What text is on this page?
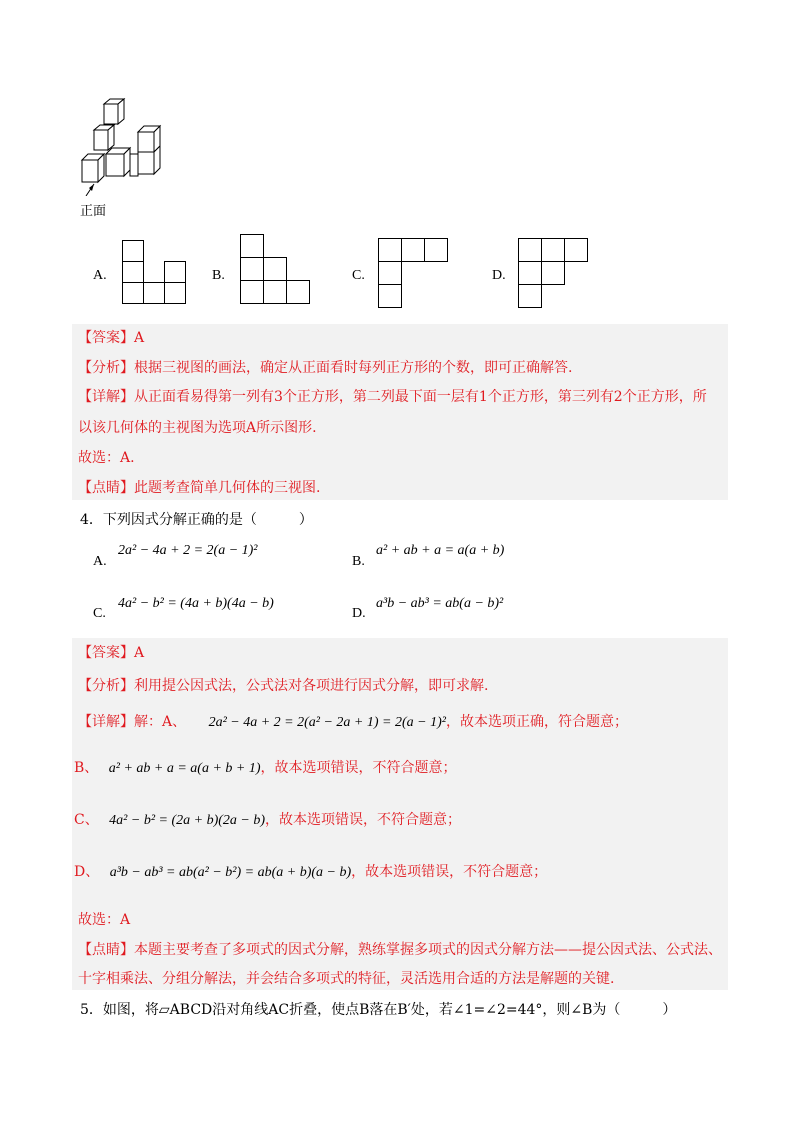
正面
A.	B.	C.	D.
【答案】A
【分析】根据三视图的画法，确定从正面看时每列正方形的个数，即可正确解答.
【详解】从正面看易得第一列有3个正方形，第二列最下面一层有1个正方形，第三列有2个正方形，所
以该几何体的主视图为选项A所示图形.
故选：A.
【点睛】此题考查简单几何体的三视图.
4．下列因式分解正确的是（　　　）
A.
2a² − 4a + 2 = 2(a − 1)²
B.
a² + ab + a = a(a + b)
C.
4a² − b² = (4a + b)(4a − b)
D.
a³b − ab³ = ab(a − b)²
【答案】A
【分析】利用提公因式法，公式法对各项进行因式分解，即可求解.
【详解】解：A、 2a² − 4a + 2 = 2(a² − 2a + 1) = 2(a − 1)²，故本选项正确，符合题意；
B、 a² + ab + a = a(a + b + 1)，故本选项错误，不符合题意；
C、 4a² − b² = (2a + b)(2a − b)，故本选项错误，不符合题意；
D、 a³b − ab³ = ab(a² − b²) = ab(a + b)(a − b)，故本选项错误，不符合题意；
故选：A
【点睛】本题主要考查了多项式的因式分解，熟练掌握多项式的因式分解方法——提公因式法、公式法、
十字相乘法、分组分解法，并会结合多项式的特征，灵活选用合适的方法是解题的关键.
5．如图，将▱ABCD沿对角线AC折叠，使点B落在B′处，若∠1=∠2=44°，则∠B为（　　　）
